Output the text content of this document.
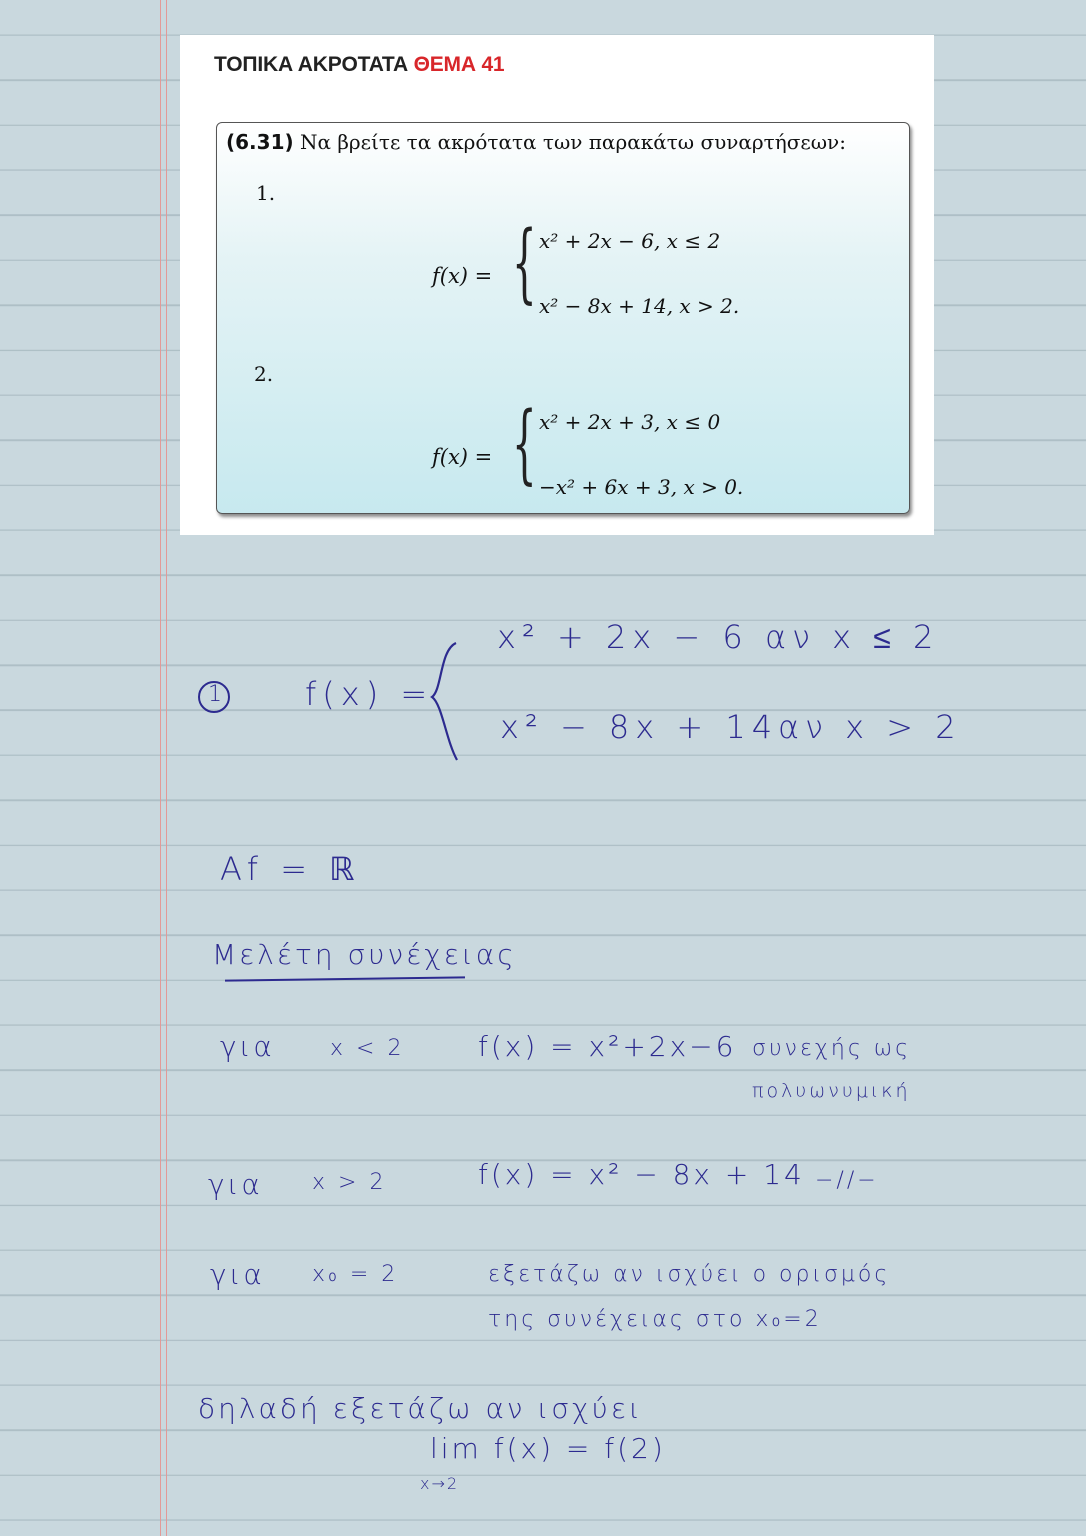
ΤΟΠΙΚΑ ΑΚΡΟΤΑΤΑ ΘΕΜΑ 41
(6.31) Να βρείτε τα ακρότατα των παρακάτω συναρτήσεων:
1.
f(x) = { x² + 2x − 6, x ≤ 2
x² − 8x + 14, x > 2.
2.
f(x) = { x² + 2x + 3, x ≤ 0
−x² + 6x + 3, x > 0.
1	f(x) =
x² + 2x − 6 αν x ≤ 2
x² − 8x + 14 αν x > 2
Af = ℝ
Μελέτη συνέχειας
για	x < 2	f(x) = x²+2x−6 συνεχής ως
πολυωνυμική
για x > 2	f(x) = x² − 8x + 14 −//−
για x₀ = 2	εξετάζω αν ισχύει ο ορισμός
της συνέχειας στο x₀=2
δηλαδή εξετάζω αν ισχύει
lim f(x) = f(2)
x→2
